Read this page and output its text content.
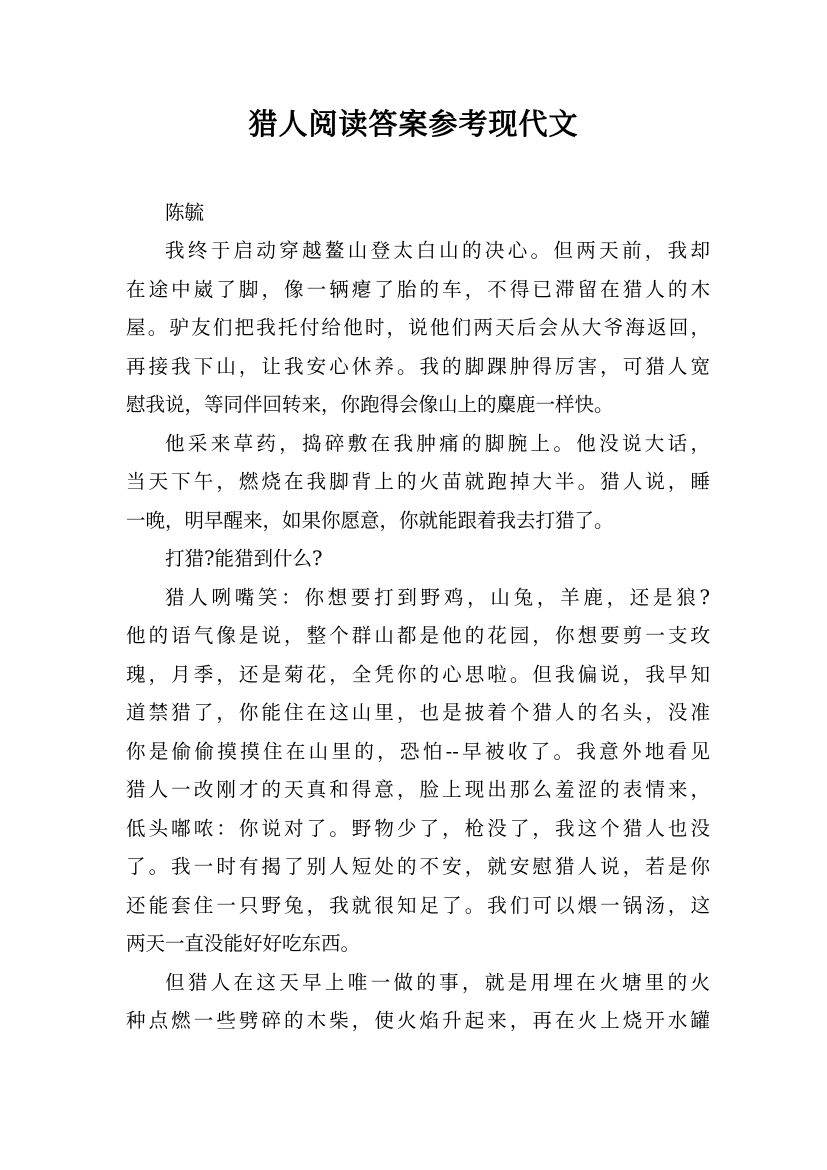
猎人阅读答案参考现代文

陈毓

我终于启动穿越鳌山登太白山的决心。但两天前，我却

在途中崴了脚，像一辆瘪了胎的车，不得已滞留在猎人的木

屋。驴友们把我托付给他时，说他们两天后会从大爷海返回，

再接我下山，让我安心休养。我的脚踝肿得厉害，可猎人宽

慰我说，等同伴回转来，你跑得会像山上的麋鹿一样快。

他采来草药，捣碎敷在我肿痛的脚腕上。他没说大话，

当天下午，燃烧在我脚背上的火苗就跑掉大半。猎人说，睡

一晚，明早醒来，如果你愿意，你就能跟着我去打猎了。

打猎?能猎到什么?

猎人咧嘴笑：你想要打到野鸡，山兔，羊鹿，还是狼?

他的语气像是说，整个群山都是他的花园，你想要剪一支玫

瑰，月季，还是菊花，全凭你的心思啦。但我偏说，我早知

道禁猎了，你能住在这山里，也是披着个猎人的名头，没准

你是偷偷摸摸住在山里的，恐怕--早被收了。我意外地看见

猎人一改刚才的天真和得意，脸上现出那么羞涩的表情来，

低头嘟哝：你说对了。野物少了，枪没了，我这个猎人也没

了。我一时有揭了别人短处的不安，就安慰猎人说，若是你

还能套住一只野兔，我就很知足了。我们可以煨一锅汤，这

两天一直没能好好吃东西。

但猎人在这天早上唯一做的事，就是用埋在火塘里的火

种点燃一些劈碎的木柴，使火焰升起来，再在火上烧开水罐
